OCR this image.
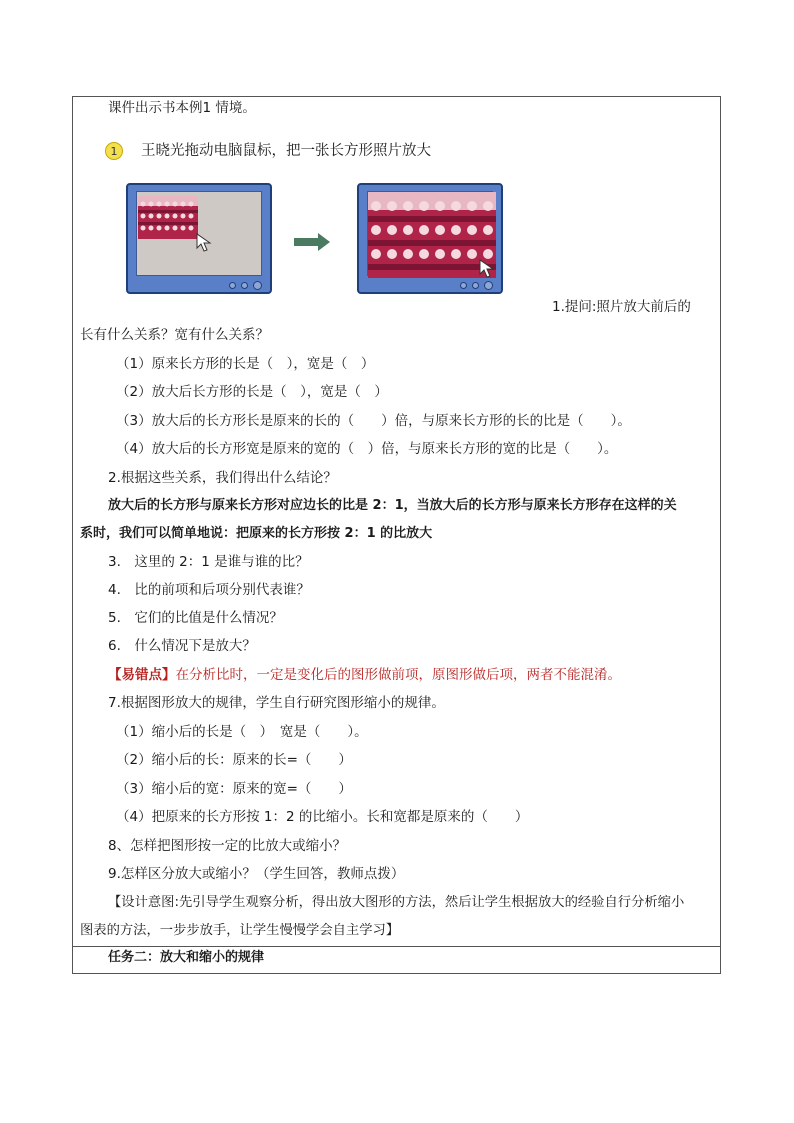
课件出示书本例1 情境。
1 王晓光拖动电脑鼠标，把一张长方形照片放大
1.提问:照片放大前后的
长有什么关系？宽有什么关系？
（1）原来长方形的长是（　），宽是（　）
（2）放大后长方形的长是（　），宽是（　）
（3）放大后的长方形长是原来的长的（　　）倍，与原来长方形的长的比是（　　）。
（4）放大后的长方形宽是原来的宽的（　）倍，与原来长方形的宽的比是（　　）。
2.根据这些关系，我们得出什么结论？
放大后的长方形与原来长方形对应边长的比是 2：1，当放大后的长方形与原来长方形存在这样的关
系时，我们可以简单地说：把原来的长方形按 2：1 的比放大
3.　这里的 2：1 是谁与谁的比？
4.　比的前项和后项分别代表谁？
5.　它们的比值是什么情况？
6.　什么情况下是放大？
【易错点】在分析比时，一定是变化后的图形做前项，原图形做后项，两者不能混淆。
7.根据图形放大的规律，学生自行研究图形缩小的规律。
（1）缩小后的长是（　）　宽是（　　）。
（2）缩小后的长：原来的长=（　　）
（3）缩小后的宽：原来的宽=（　　）
（4）把原来的长方形按 1：2 的比缩小。长和宽都是原来的（　　）
8、怎样把图形按一定的比放大或缩小？
9.怎样区分放大或缩小？（学生回答，教师点拨）
【设计意图:先引导学生观察分析，得出放大图形的方法，然后让学生根据放大的经验自行分析缩小
图表的方法，一步步放手，让学生慢慢学会自主学习】
任务二：放大和缩小的规律
